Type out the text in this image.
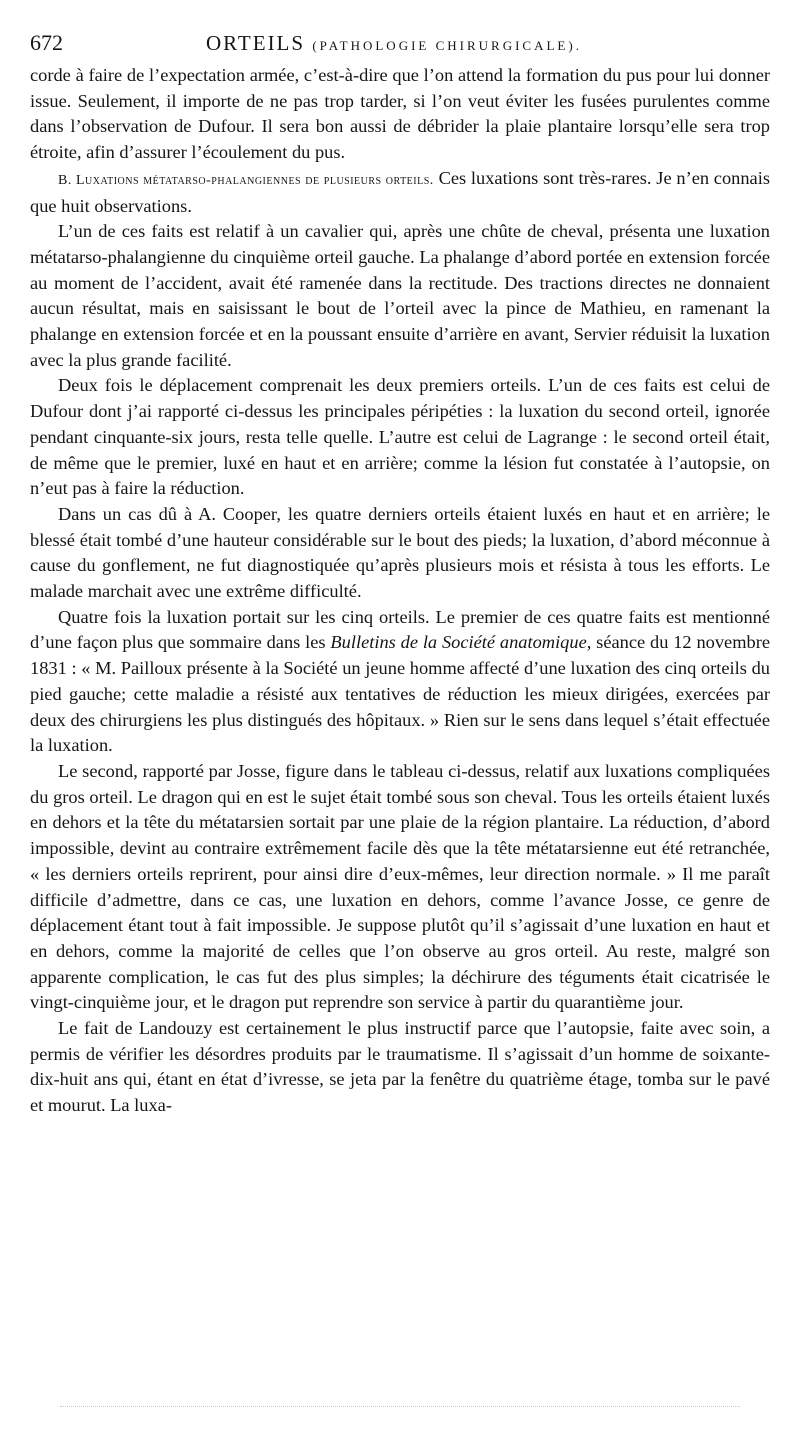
672	ORTEILS (PATHOLOGIE CHIRURGICALE).

corde à faire de l’expectation armée, c’est-à-dire que l’on attend la formation du pus pour lui donner issue. Seulement, il importe de ne pas trop tarder, si l’on veut éviter les fusées purulentes comme dans l’observation de Dufour. Il sera bon aussi de débrider la plaie plantaire lorsqu’elle sera trop étroite, afin d’assurer l’écoulement du pus.

B. Luxations métatarso-phalangiennes de plusieurs orteils. Ces luxations sont très-rares. Je n’en connais que huit observations.

L’un de ces faits est relatif à un cavalier qui, après une chûte de cheval, présenta une luxation métatarso-phalangienne du cinquième orteil gauche. La phalange d’abord portée en extension forcée au moment de l’accident, avait été ramenée dans la rectitude. Des tractions directes ne donnaient aucun résultat, mais en saisissant le bout de l’orteil avec la pince de Mathieu, en ramenant la phalange en extension forcée et en la poussant ensuite d’arrière en avant, Servier réduisit la luxation avec la plus grande facilité.

Deux fois le déplacement comprenait les deux premiers orteils. L’un de ces faits est celui de Dufour dont j’ai rapporté ci-dessus les principales péripéties : la luxation du second orteil, ignorée pendant cinquante-six jours, resta telle quelle. L’autre est celui de Lagrange : le second orteil était, de même que le premier, luxé en haut et en arrière; comme la lésion fut constatée à l’autopsie, on n’eut pas à faire la réduction.

Dans un cas dû à A. Cooper, les quatre derniers orteils étaient luxés en haut et en arrière; le blessé était tombé d’une hauteur considérable sur le bout des pieds; la luxation, d’abord méconnue à cause du gonflement, ne fut diagnostiquée qu’après plusieurs mois et résista à tous les efforts. Le malade marchait avec une extrême difficulté.

Quatre fois la luxation portait sur les cinq orteils. Le premier de ces quatre faits est mentionné d’une façon plus que sommaire dans les Bulletins de la Société anatomique, séance du 12 novembre 1831 : « M. Pailloux présente à la Société un jeune homme affecté d’une luxation des cinq orteils du pied gauche; cette maladie a résisté aux tentatives de réduction les mieux dirigées, exercées par deux des chirurgiens les plus distingués des hôpitaux. » Rien sur le sens dans lequel s’était effectuée la luxation.

Le second, rapporté par Josse, figure dans le tableau ci-dessus, relatif aux luxations compliquées du gros orteil. Le dragon qui en est le sujet était tombé sous son cheval. Tous les orteils étaient luxés en dehors et la tête du métatarsien sortait par une plaie de la région plantaire. La réduction, d’abord impossible, devint au contraire extrêmement facile dès que la tête métatarsienne eut été retranchée, « les derniers orteils reprirent, pour ainsi dire d’eux-mêmes, leur direction normale. » Il me paraît difficile d’admettre, dans ce cas, une luxation en dehors, comme l’avance Josse, ce genre de déplacement étant tout à fait impossible. Je suppose plutôt qu’il s’agissait d’une luxation en haut et en dehors, comme la majorité de celles que l’on observe au gros orteil. Au reste, malgré son apparente complication, le cas fut des plus simples; la déchirure des téguments était cicatrisée le vingt-cinquième jour, et le dragon put reprendre son service à partir du quarantième jour.

Le fait de Landouzy est certainement le plus instructif parce que l’autopsie, faite avec soin, a permis de vérifier les désordres produits par le traumatisme. Il s’agissait d’un homme de soixante-dix-huit ans qui, étant en état d’ivresse, se jeta par la fenêtre du quatrième étage, tomba sur le pavé et mourut. La luxa-
